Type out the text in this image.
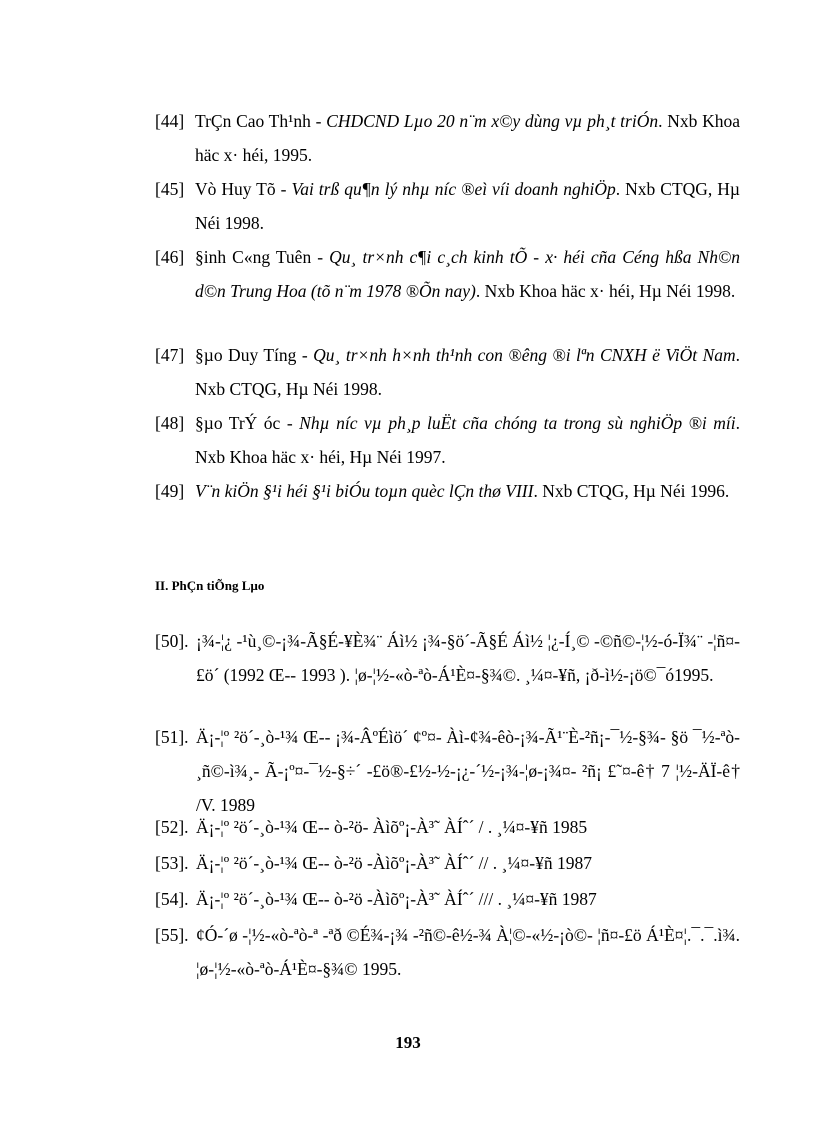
[44] TrÇn Cao Th¹nh - CHDCND Lµo 20 n¨m x©y dùng vµ ph¸t triÓn. Nxb Khoa häc x· héi, 1995.
[45] Vò Huy Tõ - Vai trß qu¶n lý nhµ níc ®eì víi doanh nghiÖp. Nxb CTQG, Hµ Néi 1998.
[46] §inh C«ng Tuên - Qu¸ tr×nh c¶i c¸ch kinh tÕ - x· héi cña Céng hßa Nh©n d©n Trung Hoa (tõ n¨m 1978 ®Õn nay). Nxb Khoa häc x· héi, Hµ Néi 1998.
[47] §µo Duy Tíng - Qu¸ tr×nh h×nh th¹nh con ®êng ®i lªn CNXH ë ViÖt Nam. Nxb CTQG, Hµ Néi 1998.
[48] §µo TrÝ óc - Nhµ níc vµ ph¸p luËt cña chóng ta trong sù nghiÖp ®i míi. Nxb Khoa häc x· héi, Hµ Néi 1997.
[49] V¨n kiÖn §¹i héi §¹i biÓu toµn quèc lÇn thø VIII. Nxb CTQG, Hµ Néi 1996.
II. PhÇn tiÕng Lµo
[50]. ¡¾-¦¿ -¹ù¸©-¡¾-Ã§É-¥È¾¨ Áì½ ¡¾-§ö´-Ã§É Áì½ ¦¿-Í¸© -©ñ©-¦½-ó-Ï¾¨ -¦ñ¤-£ö´ (1992 Œ-- 1993 ). ¦ø-¦½-«ò-ªò-Á¹È¤-§¾©. ¸¼¤-¥ñ, ¡ð-ì½-¡ö©¯ó1995.
[51]. Ä¡-¦º ²ö´-¸ò-¹¾ Œ-- ¡¾-ÂºÉìö´ ¢º¤- Àì-¢¾-êò-¡¾-Ã¹¨È-²ñ¡-¯½-§¾- §ö ¯½-ªò-¸ñ©-ì¾¸- Ã-¡º¤-¯½-§÷´ -£ö®-£½-½-¡¿-´½-¡¾-¦ø-¡¾¤- ²ñ¡ £˜¤-ê† 7 ¦½-ÄÏ-ê† /V. 1989
[52]. Ä¡-¦º ²ö´-¸ò-¹¾ Œ-- ò-²ö- Àìõº¡-À³˜ ÀÍˆ´ / . ¸¼¤-¥ñ 1985
[53]. Ä¡-¦º ²ö´-¸ò-¹¾ Œ-- ò-²ö -Àìõº¡-À³˜ ÀÍˆ´ // . ¸¼¤-¥ñ 1987
[54]. Ä¡-¦º ²ö´-¸ò-¹¾ Œ-- ò-²ö -Àìõº¡-À³˜ ÀÍˆ´ /// . ¸¼¤-¥ñ 1987
[55]. ¢Ó-´ø -¦½-«ò-ªò-ª -ªð ©É¾-¡¾ -²ñ©-ê½-¾ À¦©-«½-¡ò©- ¦ñ¤-£ö Á¹È¤¦.¯.¯.ì¾. ¦ø-¦½-«ò-ªò-Á¹È¤-§¾© 1995.
193
